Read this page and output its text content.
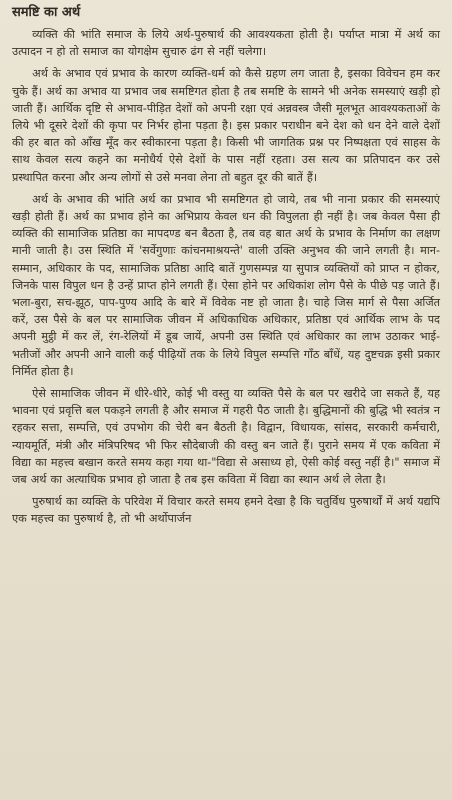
समष्टि का अर्थ

व्यक्ति की भांति समाज के लिये अर्थ-पुरुषार्थ की आवश्यकता होती है। पर्याप्त मात्रा में अर्थ का उत्पादन न हो तो समाज का योगक्षेम सुचारु ढंग से नहीं चलेगा।

अर्थ के अभाव एवं प्रभाव के कारण व्यक्ति-धर्म को कैसे ग्रहण लग जाता है, इसका विवेचन हम कर चुके हैं। अर्थ का अभाव या प्रभाव जब समष्टिगत होता है तब समष्टि के सामने भी अनेक समस्याएं खड़ी हो जाती हैं। आर्थिक दृष्टि से अभाव-पीड़ित देशों को अपनी रक्षा एवं अन्नवस्त्र जैसी मूलभूत आवश्यकताओं के लिये भी दूसरे देशों की कृपा पर निर्भर होना पड़ता है। इस प्रकार पराधीन बने देश को धन देने वाले देशों की हर बात को आँख मूँद कर स्वीकारना पड़ता है। किसी भी जागतिक प्रश्न पर निष्पक्षता एवं साहस के साथ केवल सत्य कहने का मनोधैर्य ऐसे देशों के पास नहीं रहता। उस सत्य का प्रतिपादन कर उसे प्रस्थापित करना और अन्य लोगों से उसे मनवा लेना तो बहुत दूर की बातें हैं।

अर्थ के अभाव की भांति अर्थ का प्रभाव भी समष्टिगत हो जाये, तब भी नाना प्रकार की समस्याएं खड़ी होती हैं। अर्थ का प्रभाव होने का अभिप्राय केवल धन की विपुलता ही नहीं है। जब केवल पैसा ही व्यक्ति की सामाजिक प्रतिष्ठा का मापदण्ड बन बैठता है, तब वह बात अर्थ के प्रभाव के निर्माण का लक्षण मानी जाती है। उस स्थिति में 'सर्वेगुणाः कांचनमाश्रयन्ते' वाली उक्ति अनुभव की जाने लगती है। मान-सम्मान, अधिकार के पद, सामाजिक प्रतिष्ठा आदि बातें गुणसम्पन्न या सुपात्र व्यक्तियों को प्राप्त न होकर, जिनके पास विपुल धन है उन्हें प्राप्त होने लगती हैं। ऐसा होने पर अधिकांश लोग पैसे के पीछे पड़ जाते हैं। भला-बुरा, सच-झूठ, पाप-पुण्य आदि के बारे में विवेक नष्ट हो जाता है। चाहे जिस मार्ग से पैसा अर्जित करें, उस पैसे के बल पर सामाजिक जीवन में अधिकाधिक अधिकार, प्रतिष्ठा एवं आर्थिक लाभ के पद अपनी मुट्ठी में कर लें, रंग-रेलियों में डूब जायें, अपनी उस स्थिति एवं अधिकार का लाभ उठाकर भाई-भतीजों और अपनी आने वाली कई पीढ़ियों तक के लिये विपुल सम्पत्ति गाँठ बाँधें, यह दुष्टचक्र इसी प्रकार निर्मित होता है।

ऐसे सामाजिक जीवन में धीरे-धीरे, कोई भी वस्तु या व्यक्ति पैसे के बल पर खरीदे जा सकते हैं, यह भावना एवं प्रवृत्ति बल पकड़ने लगती है और समाज में गहरी पैठ जाती है। बुद्धिमानों की बुद्धि भी स्वतंत्र न रहकर सत्ता, सम्पत्ति, एवं उपभोग की चेरी बन बैठती है। विद्वान, विधायक, सांसद, सरकारी कर्मचारी, न्यायमूर्ति, मंत्री और मंत्रिपरिषद भी फिर सौदेबाजी की वस्तु बन जाते हैं। पुराने समय में एक कविता में विद्या का महत्त्व बखान करते समय कहा गया था-"विद्या से असाध्य हो, ऐसी कोई वस्तु नहीं है।" समाज में जब अर्थ का अत्याधिक प्रभाव हो जाता है तब इस कविता में विद्या का स्थान अर्थ ले लेता है।

पुरुषार्थ का व्यक्ति के परिवेश में विचार करते समय हमने देखा है कि चतुर्विध पुरुषार्थों में अर्थ यद्यपि एक महत्त्व का पुरुषार्थ है, तो भी अर्थोपार्जन
